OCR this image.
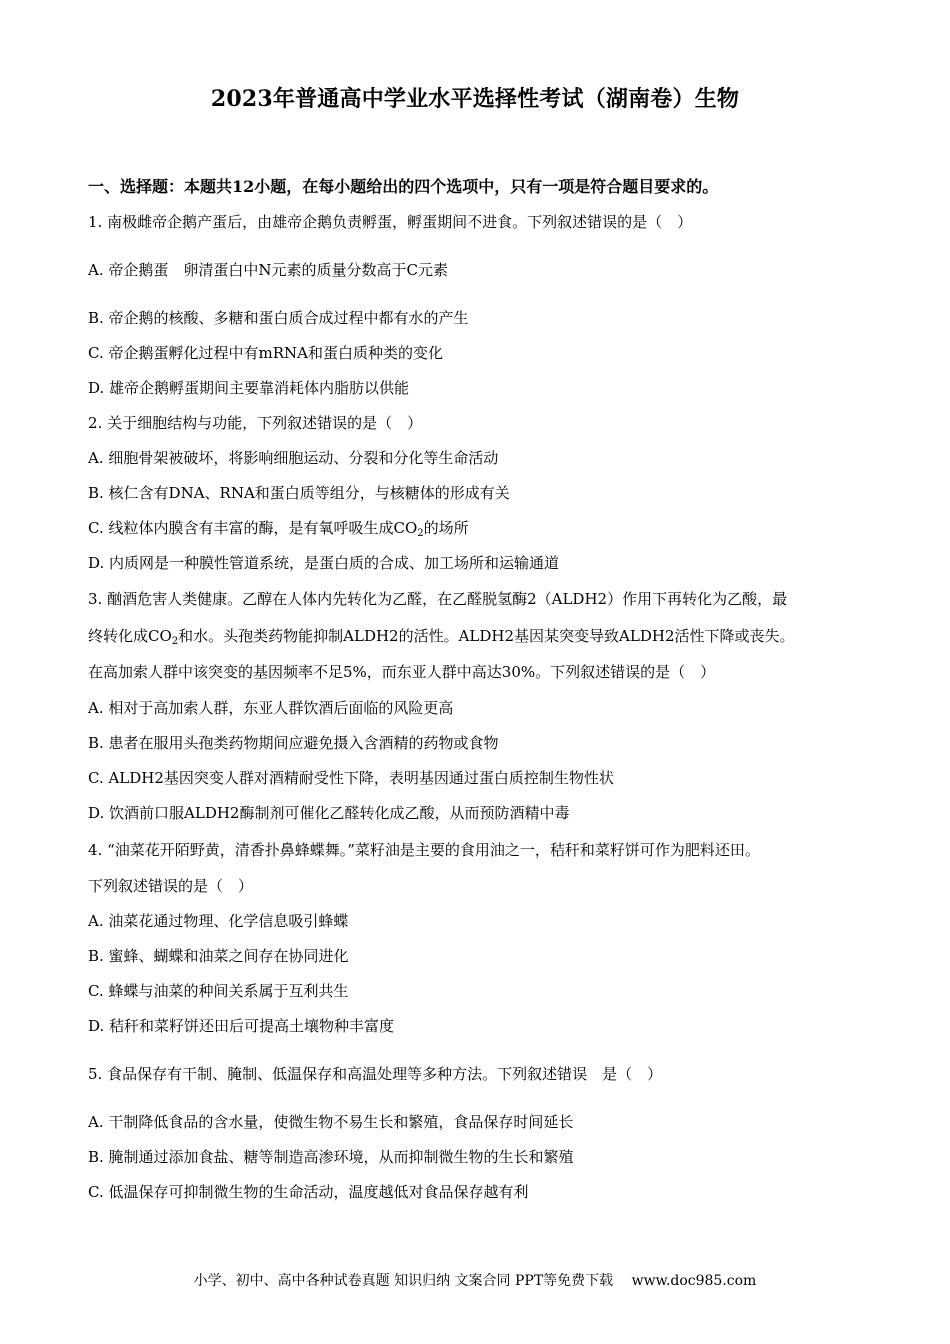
2023年普通高中学业水平选择性考试（湖南卷）生物
一、选择题：本题共12小题，在每小题给出的四个选项中，只有一项是符合题目要求的。
1. 南极雌帝企鹅产蛋后，由雄帝企鹅负责孵蛋，孵蛋期间不进食。下列叙述错误的是（　）
A. 帝企鹅蛋　卵清蛋白中N元素的质量分数高于C元素
B. 帝企鹅的核酸、多糖和蛋白质合成过程中都有水的产生
C. 帝企鹅蛋孵化过程中有mRNA和蛋白质种类的变化
D. 雄帝企鹅孵蛋期间主要靠消耗体内脂肪以供能
2. 关于细胞结构与功能，下列叙述错误的是（　）
A. 细胞骨架被破坏，将影响细胞运动、分裂和分化等生命活动
B. 核仁含有DNA、RNA和蛋白质等组分，与核糖体的形成有关
C. 线粒体内膜含有丰富的酶，是有氧呼吸生成$CO_2$的场所
D. 内质网是一种膜性管道系统，是蛋白质的合成、加工场所和运输通道
3. 酗酒危害人类健康。乙醇在人体内先转化为乙醛，在乙醛脱氢酶2（ALDH2）作用下再转化为乙酸，最
终转化成$CO_2$和水。头孢类药物能抑制ALDH2的活性。ALDH2基因某突变导致ALDH2活性下降或丧失。
在高加索人群中该突变的基因频率不足5%，而东亚人群中高达30%。下列叙述错误的是（　）
A. 相对于高加索人群，东亚人群饮酒后面临的风险更高
B. 患者在服用头孢类药物期间应避免摄入含酒精的药物或食物
C. ALDH2基因突变人群对酒精耐受性下降，表明基因通过蛋白质控制生物性状
D. 饮酒前口服ALDH2酶制剂可催化乙醛转化成乙酸，从而预防酒精中毒
4. “油菜花开陌野黄，清香扑鼻蜂蝶舞。”菜籽油是主要的食用油之一，秸秆和菜籽饼可作为肥料还田。
下列叙述错误的是（　）
A. 油菜花通过物理、化学信息吸引蜂蝶
B. 蜜蜂、蝴蝶和油菜之间存在协同进化
C. 蜂蝶与油菜的种间关系属于互利共生
D. 秸秆和菜籽饼还田后可提高土壤物种丰富度
5. 食品保存有干制、腌制、低温保存和高温处理等多种方法。下列叙述错误　是（　）
A. 干制降低食品的含水量，使微生物不易生长和繁殖，食品保存时间延长
B. 腌制通过添加食盐、糖等制造高渗环境，从而抑制微生物的生长和繁殖
C. 低温保存可抑制微生物的生命活动，温度越低对食品保存越有利
小学、初中、高中各种试卷真题 知识归纳 文案合同 PPT等免费下载　 www.doc985.com
